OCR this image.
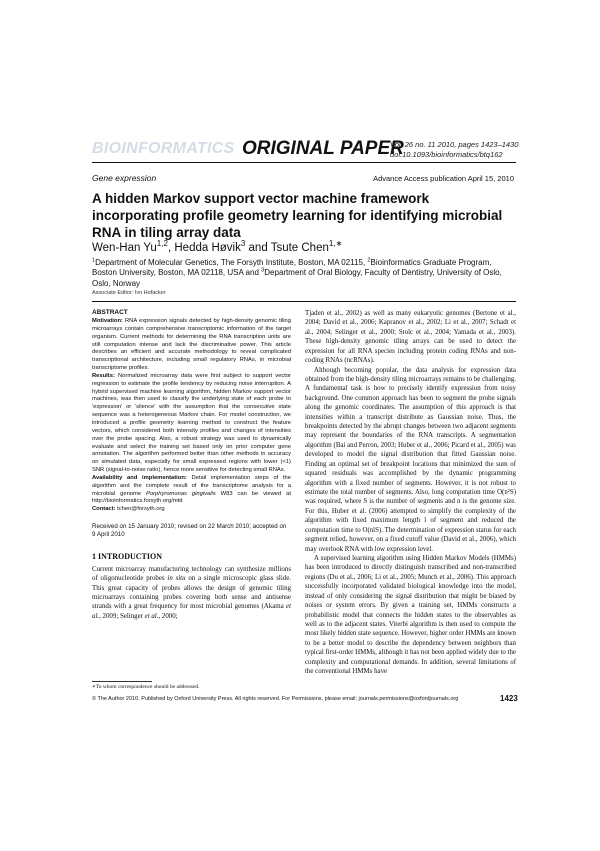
BIOINFORMATICS ORIGINAL PAPER
Vol. 26 no. 11 2010, pages 1423–1430
doi:10.1093/bioinformatics/btq162
Gene expression	Advance Access publication April 15, 2010
A hidden Markov support vector machine framework
incorporating profile geometry learning for identifying microbial
RNA in tiling array data
Wen-Han Yu$^{1,2}$, Hedda Høvik$^3$ and Tsute Chen$^{1,∗}$
$^1$Department of Molecular Genetics, The Forsyth Institute, Boston, MA 02115, $^2$Bioinformatics Graduate Program,
Boston University, Boston, MA 02118, USA and $^3$Department of Oral Biology, Faculty of Dentistry, University of Oslo,
Oslo, Norway
Associate Editor: Ivo Hofacker
ABSTRACT

Motivation: RNA expression signals detected by high-density genomic tiling microarrays contain comprehensive transcriptomic information of the target organism. Current methods for determining the RNA transcription units are still computation intense and lack the discriminative power. This article describes an efficient and accurate methodology to reveal complicated transcriptional architecture, including small regulatory RNAs, in microbial transcriptome profiles.

Results: Normalized microarray data were first subject to support vector regression to estimate the profile tendency by reducing noise interruption. A hybrid supervised machine learning algorithm, hidden Markov support vector machines, was then used to classify the underlying state of each probe to 'expression' or 'silence' with the assumption that the consecutive state sequence was a heterogeneous Markov chain. For model construction, we introduced a profile geometry learning method to construct the feature vectors, which considered both intensity profiles and changes of intensities over the probe spacing. Also, a robust strategy was used to dynamically evaluate and select the training set based only on prior computer gene annotation. The algorithm performed better than other methods in accuracy on simulated data, especially for small expressed regions with lower (<1) SNR (signal-to-noise ratio), hence more sensitive for detecting small RNAs.

Availability and implementation: Detail implementation steps of the algorithm and the complete result of the transcriptome analysis for a microbial genome Porphyromonas gingivalis W83 can be viewed at http://bioinformatics.forsyth.org/mtd

Contact: tchen@forsyth.org

Received on 15 January 2010; revised on 22 March 2010; accepted on 9 April 2010
1 INTRODUCTION

Current microarray manufacturing technology can synthesize millions of oligonucleotide probes in situ on a single microscopic glass slide. This great capacity of probes allows the design of genomic tiling microarrays containing probes covering both sense and antisense strands with a great frequency for most microbial genomes (Akama et al., 2009; Selinger et al., 2000;

Tjaden et al., 2002) as well as many eukaryotic genomes (Bertone et al., 2004; David et al., 2006; Kapranov et al., 2002; Li et al., 2007; Schadt et al., 2004; Selinger et al., 2000; Stolc et al., 2004; Yamada et al., 2003). These high-density genomic tiling arrays can be used to detect the expression for all RNA species including protein coding RNAs and non-coding RNAs (ncRNAs).

Although becoming popular, the data analysis for expression data obtained from the high-density tiling microarrays remains to be challenging. A fundamental task is how to precisely identify expression from noisy background. One common approach has been to segment the probe signals along the genomic coordinates. The assumption of this approach is that intensities within a transcript distribute as Gaussian noise. Thus, the breakpoints detected by the abrupt changes between two adjacent segments may represent the boundaries of the RNA transcripts. A segmentation algorithm (Bai and Perron, 2003; Huber et al., 2006; Picard et al., 2005) was developed to model the signal distribution that fitted Gaussian noise. Finding an optimal set of breakpoint locations that minimized the sum of squared residuals was accomplished by the dynamic programming algorithm with a fixed number of segments. However, it is not robust to estimate the total number of segments. Also, long computation time O(n²S) was required, where S is the number of segments and n is the genome size. For this, Huber et al. (2006) attempted to simplify the complexity of the algorithm with fixed maximum length l of segment and reduced the computation time to O(nlS). The determination of expression status for each segment relied, however, on a fixed cutoff value (David et al., 2006), which may overlook RNA with low expression level.

A supervised learning algorithm using Hidden Markov Models (HMMs) has been introduced to directly distinguish transcribed and non-transcribed regions (Du et al., 2006; Li et al., 2005; Munch et al., 2006). This approach successfully incorporated validated biological knowledge into the model, instead of only considering the signal distribution that might be biased by noises or system errors. By given a training set, HMMs constructs a probabilistic model that connects the hidden states to the observables as well as to the adjacent states. Viterbi algorithm is then used to compute the most likely hidden state sequence. However, higher order HMMs are known to be a better model to describe the dependency between neighbors than typical first-order HMMs, although it has not been applied widely due to the complexity and computational demands. In addition, several limitations of the conventional HMMs have

∗To whom correspondence should be addressed.
© The Author 2010. Published by Oxford University Press. All rights reserved. For Permissions, please email: journals.permissions@oxfordjournals.org	1423
